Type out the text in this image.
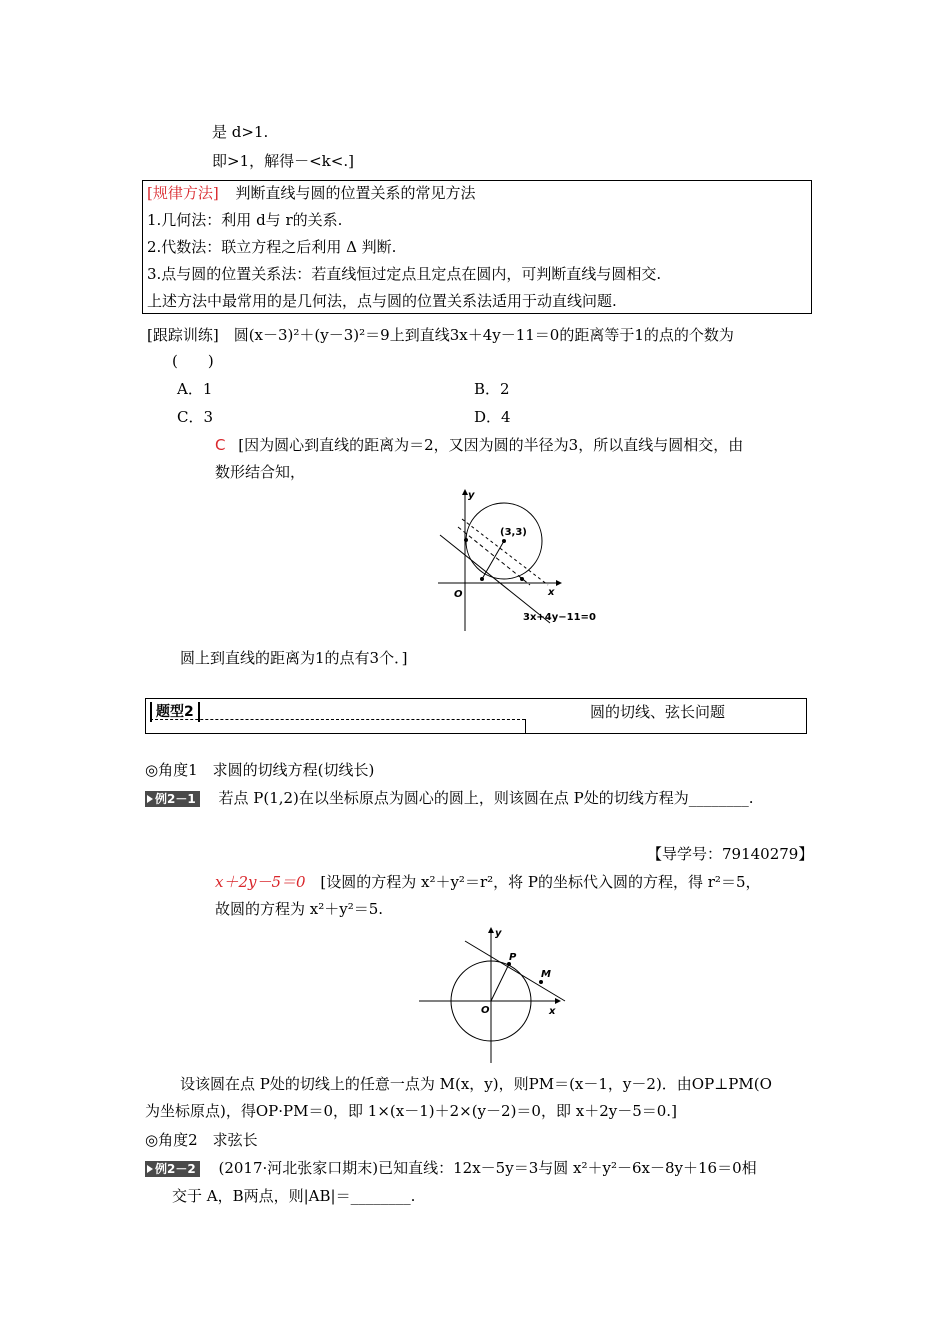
是 d>1.
即>1，解得－<k<.]
[规律方法] 判断直线与圆的位置关系的常见方法
1.几何法：利用 d与 r的关系.
2.代数法：联立方程之后利用 Δ 判断.
3.点与圆的位置关系法：若直线恒过定点且定点在圆内，可判断直线与圆相交.
上述方法中最常用的是几何法，点与圆的位置关系法适用于动直线问题.
[跟踪训练]　圆(x－3)²＋(y－3)²＝9上到直线3x＋4y－11＝0的距离等于1的点的个数为
(　　)
A．1	B．2
C．3	D．4
C [因为圆心到直线的距离为＝2，又因为圆的半径为3，所以直线与圆相交，由
数形结合知，
x
y
O
(3,3)
3x+4y−11=0
圆上到直线的距离为1的点有3个．]
题型2	圆的切线、弦长问题
◎角度1　求圆的切线方程(切线长)
例2－1 若点 P(1,2)在以坐标原点为圆心的圆上，则该圆在点 P处的切线方程为________.
【导学号：79140279】
x＋2y－5＝0 [设圆的方程为 x²＋y²＝r²，将 P的坐标代入圆的方程，得 r²＝5，
故圆的方程为 x²＋y²＝5.
x
y
O
P
M
设该圆在点 P处的切线上的任意一点为 M(x，y)，则PM＝(x－1，y－2)．由OP⊥PM(O
为坐标原点)，得OP·PM＝0，即 1×(x－1)＋2×(y－2)＝0，即 x＋2y－5＝0.]
◎角度2　求弦长
例2－2 (2017·河北张家口期末)已知直线：12x－5y＝3与圆 x²＋y²－6x－8y＋16＝0相
交于 A，B两点，则|AB|＝________.
